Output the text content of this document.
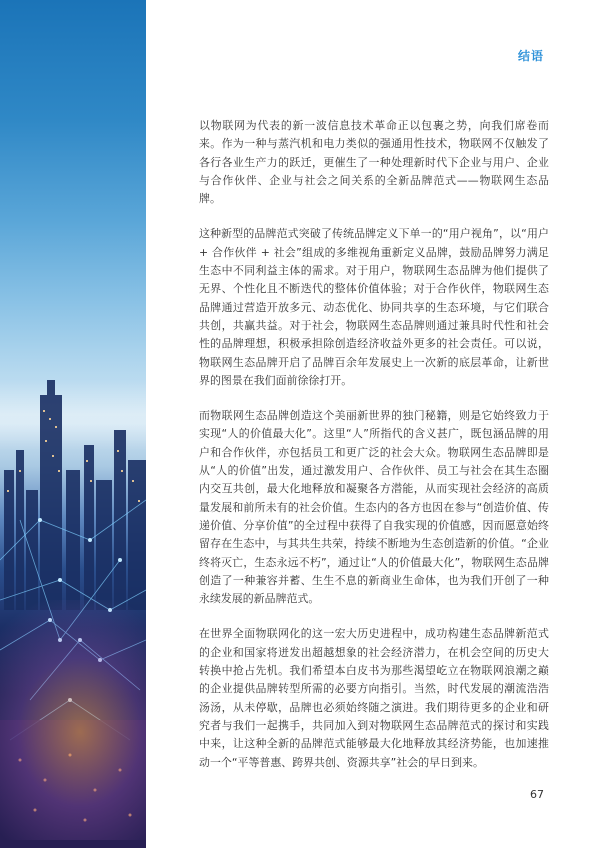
结语

以物联网为代表的新一波信息技术革命正以包裹之势，向我们席卷而来。作为一种与蒸汽机和电力类似的强通用性技术，物联网不仅触发了各行各业生产力的跃迁，更催生了一种处理新时代下企业与用户、企业与合作伙伴、企业与社会之间关系的全新品牌范式——物联网生态品牌。

这种新型的品牌范式突破了传统品牌定义下单一的“用户视角”，以“用户 + 合作伙伴 + 社会”组成的多维视角重新定义品牌，鼓励品牌努力满足生态中不同利益主体的需求。对于用户，物联网生态品牌为他们提供了无界、个性化且不断迭代的整体价值体验；对于合作伙伴，物联网生态品牌通过营造开放多元、动态优化、协同共享的生态环境，与它们联合共创，共赢共益。对于社会，物联网生态品牌则通过兼具时代性和社会性的品牌理想，积极承担除创造经济收益外更多的社会责任。可以说，物联网生态品牌开启了品牌百余年发展史上一次新的底层革命，让新世界的图景在我们面前徐徐打开。

而物联网生态品牌创造这个美丽新世界的独门秘籍，则是它始终致力于实现“人的价值最大化”。这里“人”所指代的含义甚广，既包涵品牌的用户和合作伙伴，亦包括员工和更广泛的社会大众。物联网生态品牌即是从“人的价值”出发，通过激发用户、合作伙伴、员工与社会在其生态圈内交互共创，最大化地释放和凝聚各方潜能，从而实现社会经济的高质量发展和前所未有的社会价值。生态内的各方也因在参与“创造价值、传递价值、分享价值”的全过程中获得了自我实现的价值感，因而愿意始终留存在生态中，与其共生共荣，持续不断地为生态创造新的价值。“企业终将灭亡，生态永远不朽”，通过让“人的价值最大化”，物联网生态品牌创造了一种兼容并蓄、生生不息的新商业生命体，也为我们开创了一种永续发展的新品牌范式。

在世界全面物联网化的这一宏大历史进程中，成功构建生态品牌新范式的企业和国家将迸发出超越想象的社会经济潜力，在机会空间的历史大转换中抢占先机。我们希望本白皮书为那些渴望屹立在物联网浪潮之巅的企业提供品牌转型所需的必要方向指引。当然，时代发展的潮流浩浩汤汤，从未停歇，品牌也必须始终随之演进。我们期待更多的企业和研究者与我们一起携手，共同加入到对物联网生态品牌范式的探讨和实践中来，让这种全新的品牌范式能够最大化地释放其经济势能，也加速推动一个“平等普惠、跨界共创、资源共享”社会的早日到来。

67
